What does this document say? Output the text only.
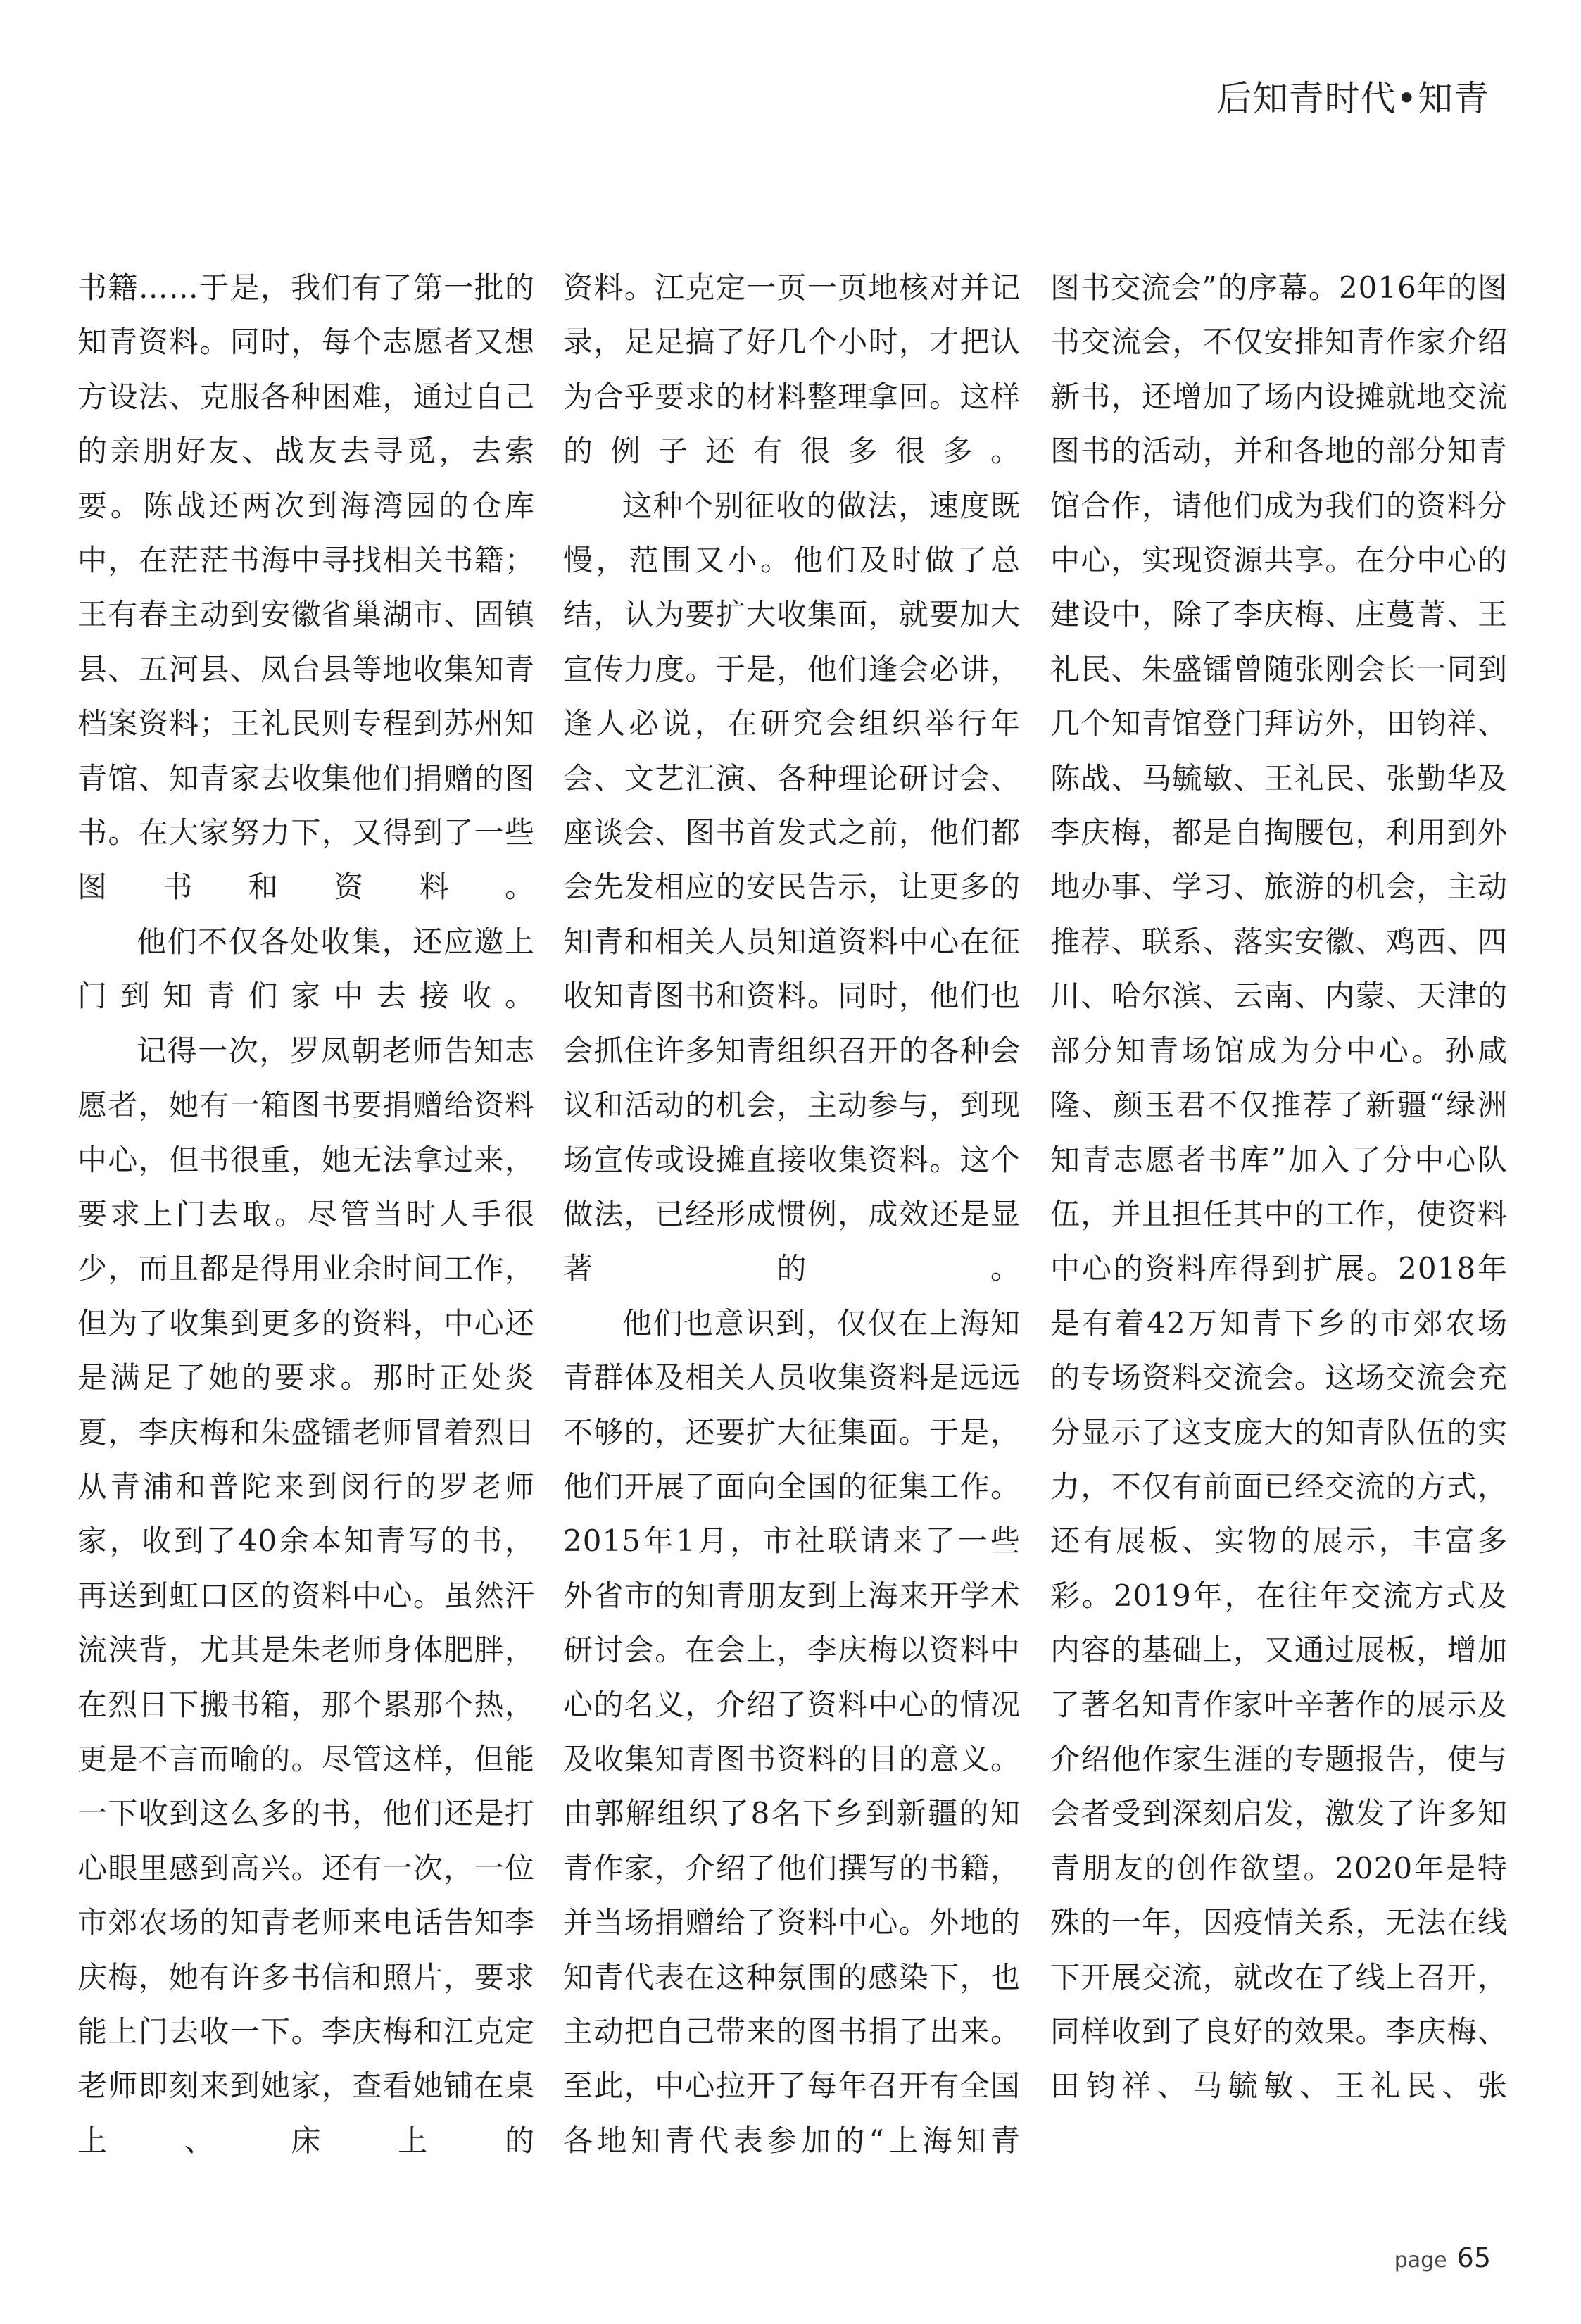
后知青时代•知青

书籍……于是，我们有了第一批的知青资料。同时，每个志愿者又想方设法、克服各种困难，通过自己的亲朋好友、战友去寻觅，去索要。陈战还两次到海湾园的仓库中，在茫茫书海中寻找相关书籍；王有春主动到安徽省巢湖市、固镇县、五河县、凤台县等地收集知青档案资料；王礼民则专程到苏州知青馆、知青家去收集他们捐赠的图书。在大家努力下，又得到了一些图书和资料。

他们不仅各处收集，还应邀上门到知青们家中去接收。

记得一次，罗凤朝老师告知志愿者，她有一箱图书要捐赠给资料中心，但书很重，她无法拿过来，要求上门去取。尽管当时人手很少，而且都是得用业余时间工作，但为了收集到更多的资料，中心还是满足了她的要求。那时正处炎夏，李庆梅和朱盛镭老师冒着烈日从青浦和普陀来到闵行的罗老师家，收到了40余本知青写的书，再送到虹口区的资料中心。虽然汗流浃背，尤其是朱老师身体肥胖，在烈日下搬书箱，那个累那个热，更是不言而喻的。尽管这样，但能一下收到这么多的书，他们还是打心眼里感到高兴。还有一次，一位市郊农场的知青老师来电话告知李庆梅，她有许多书信和照片，要求能上门去收一下。李庆梅和江克定老师即刻来到她家，查看她铺在桌上、床上的

资料。江克定一页一页地核对并记录，足足搞了好几个小时，才把认为合乎要求的材料整理拿回。这样的例子还有很多很多。

这种个别征收的做法，速度既慢，范围又小。他们及时做了总结，认为要扩大收集面，就要加大宣传力度。于是，他们逢会必讲，逢人必说，在研究会组织举行年会、文艺汇演、各种理论研讨会、座谈会、图书首发式之前，他们都会先发相应的安民告示，让更多的知青和相关人员知道资料中心在征收知青图书和资料。同时，他们也会抓住许多知青组织召开的各种会议和活动的机会，主动参与，到现场宣传或设摊直接收集资料。这个做法，已经形成惯例，成效还是显著的。

他们也意识到，仅仅在上海知青群体及相关人员收集资料是远远不够的，还要扩大征集面。于是，他们开展了面向全国的征集工作。2015年1月，市社联请来了一些外省市的知青朋友到上海来开学术研讨会。在会上，李庆梅以资料中心的名义，介绍了资料中心的情况及收集知青图书资料的目的意义。由郭解组织了8名下乡到新疆的知青作家，介绍了他们撰写的书籍，并当场捐赠给了资料中心。外地的知青代表在这种氛围的感染下，也主动把自己带来的图书捐了出来。至此，中心拉开了每年召开有全国各地知青代表参加的“上海知青

图书交流会”的序幕。2016年的图书交流会，不仅安排知青作家介绍新书，还增加了场内设摊就地交流图书的活动，并和各地的部分知青馆合作，请他们成为我们的资料分中心，实现资源共享。在分中心的建设中，除了李庆梅、庄蔓菁、王礼民、朱盛镭曾随张刚会长一同到几个知青馆登门拜访外，田钧祥、陈战、马毓敏、王礼民、张勤华及李庆梅，都是自掏腰包，利用到外地办事、学习、旅游的机会，主动推荐、联系、落实安徽、鸡西、四川、哈尔滨、云南、内蒙、天津的部分知青场馆成为分中心。孙咸隆、颜玉君不仅推荐了新疆“绿洲知青志愿者书库”加入了分中心队伍，并且担任其中的工作，使资料中心的资料库得到扩展。2018年是有着42万知青下乡的市郊农场的专场资料交流会。这场交流会充分显示了这支庞大的知青队伍的实力，不仅有前面已经交流的方式，还有展板、实物的展示，丰富多彩。2019年，在往年交流方式及内容的基础上，又通过展板，增加了著名知青作家叶辛著作的展示及介绍他作家生涯的专题报告，使与会者受到深刻启发，激发了许多知青朋友的创作欲望。2020年是特殊的一年，因疫情关系，无法在线下开展交流，就改在了线上召开，同样收到了良好的效果。李庆梅、田钧祥、马毓敏、王礼民、张

page 65
